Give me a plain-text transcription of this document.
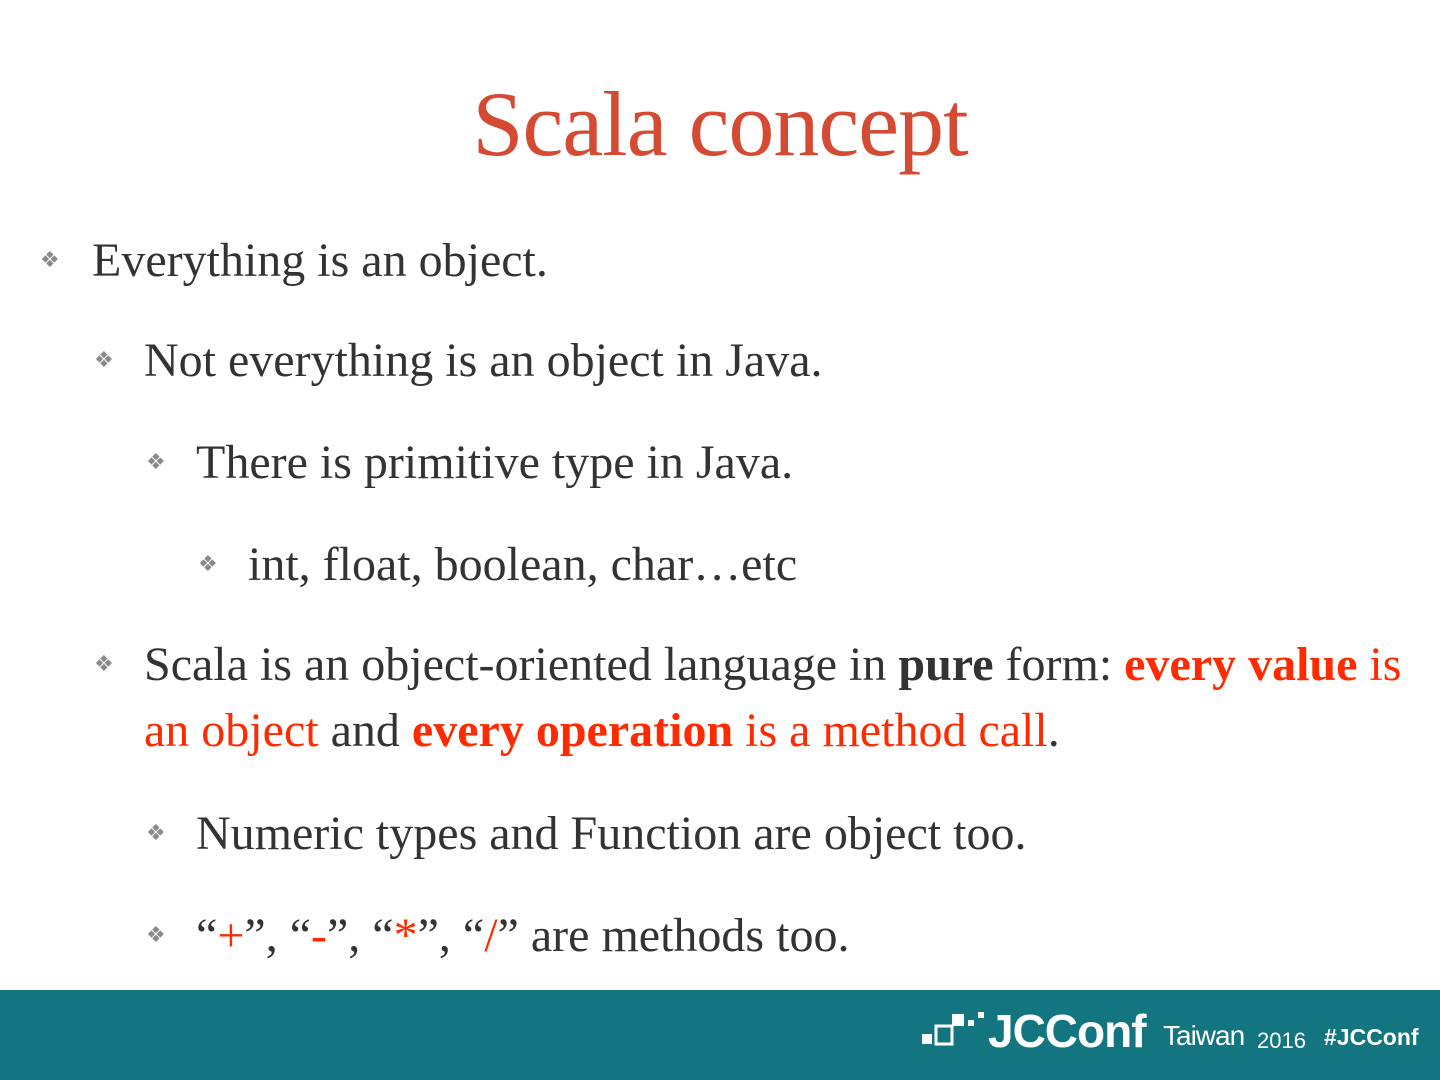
Scala concept
❖ Everything is an object.
❖ Not everything is an object in Java.
❖ There is primitive type in Java.
❖ int, float, boolean, char…etc
❖ Scala is an object-oriented language in pure form: every value is an object and every operation is a method call.
❖ Numeric types and Function are object too.
❖ “+”, “-”, “*”, “/” are methods too.
JCConf Taiwan 2016 #JCConf
